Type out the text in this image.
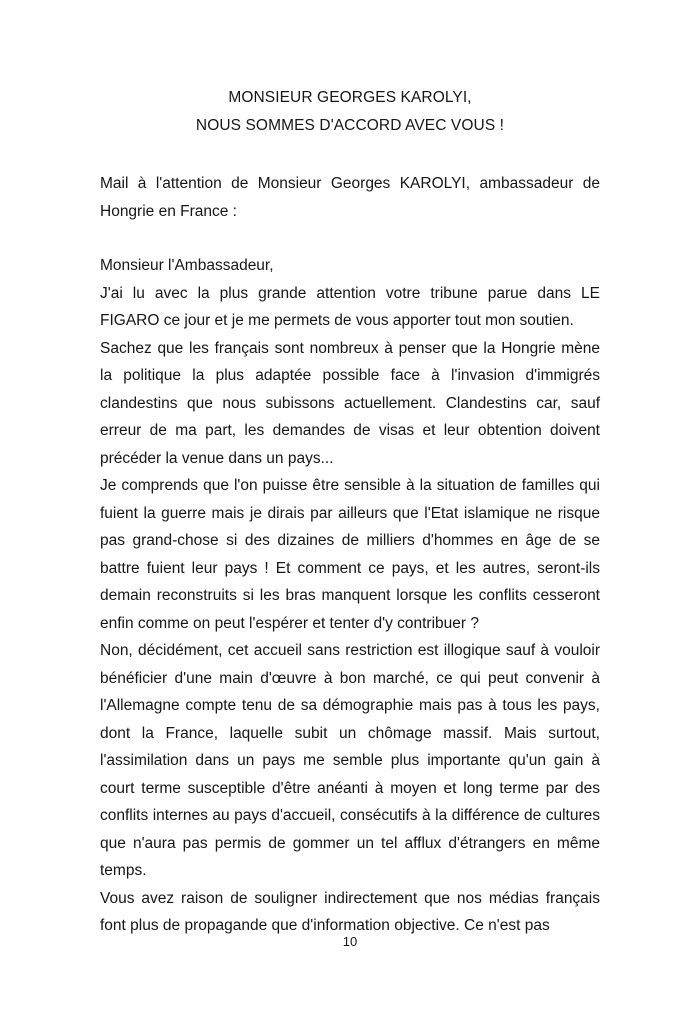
MONSIEUR GEORGES KAROLYI,
NOUS SOMMES D'ACCORD AVEC VOUS !
Mail à l'attention de Monsieur Georges KAROLYI, ambassadeur de Hongrie en France :

Monsieur l'Ambassadeur,

J'ai lu avec la plus grande attention votre tribune parue dans LE FIGARO ce jour et je me permets de vous apporter tout mon soutien.

Sachez que les français sont nombreux à penser que la Hongrie mène la politique la plus adaptée possible face à l'invasion d'immigrés clandestins que nous subissons actuellement. Clandestins car, sauf erreur de ma part, les demandes de visas et leur obtention doivent précéder la venue dans un pays...

Je comprends que l'on puisse être sensible à la situation de familles qui fuient la guerre mais je dirais par ailleurs que l'Etat islamique ne risque pas grand-chose si des dizaines de milliers d'hommes en âge de se battre fuient leur pays ! Et comment ce pays, et les autres, seront-ils demain reconstruits si les bras manquent lorsque les conflits cesseront enfin comme on peut l'espérer et tenter d'y contribuer ?

Non, décidément, cet accueil sans restriction est illogique sauf à vouloir bénéficier d'une main d'œuvre à bon marché, ce qui peut convenir à l'Allemagne compte tenu de sa démographie mais pas à tous les pays, dont la France, laquelle subit un chômage massif. Mais surtout, l'assimilation dans un pays me semble plus importante qu'un gain à court terme susceptible d'être anéanti à moyen et long terme par des conflits internes au pays d'accueil, consécutifs à la différence de cultures que n'aura pas permis de gommer un tel afflux d'étrangers en même temps.

Vous avez raison de souligner indirectement que nos médias français font plus de propagande que d'information objective. Ce n'est pas

10
